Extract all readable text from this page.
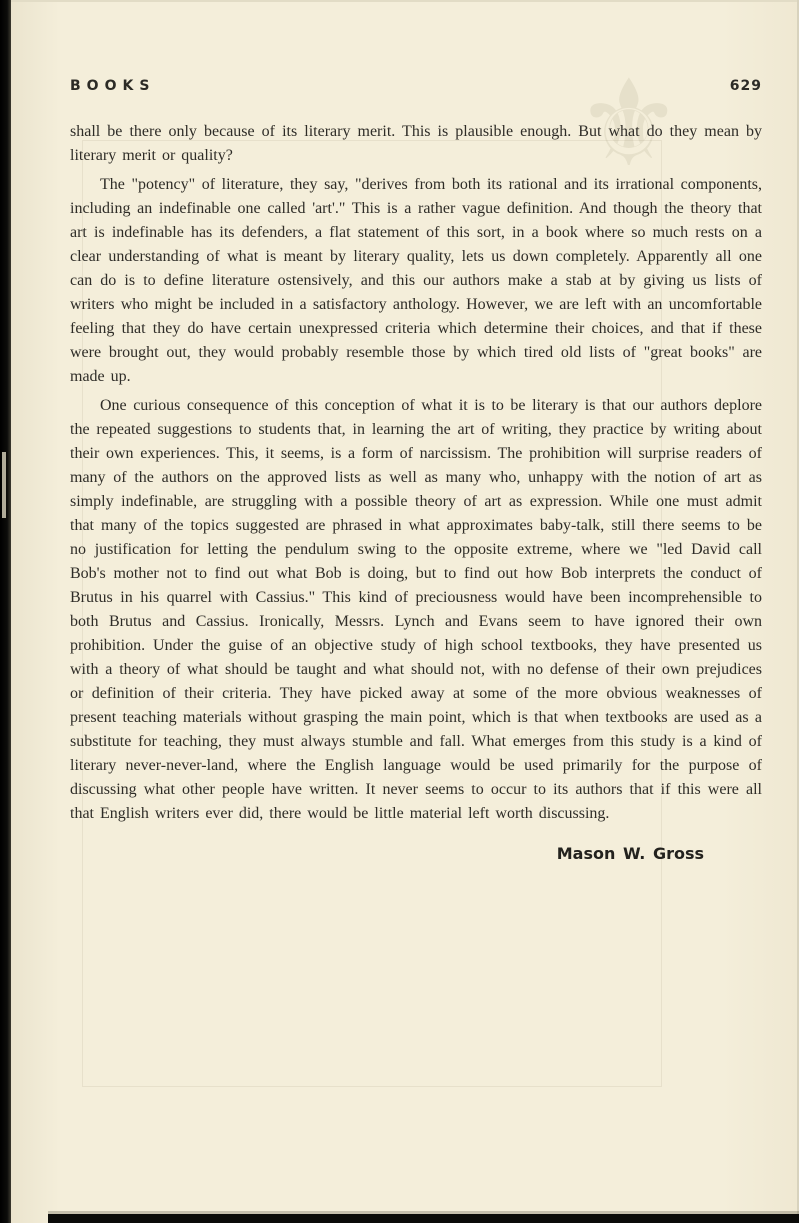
⚜
BOOKS	629

shall be there only because of its literary merit. This is plausible enough. But what do they mean by literary merit or quality?

The "potency" of literature, they say, "derives from both its rational and its irrational components, including an indefinable one called 'art'." This is a rather vague definition. And though the theory that art is indefinable has its defenders, a flat statement of this sort, in a book where so much rests on a clear understanding of what is meant by literary quality, lets us down completely. Apparently all one can do is to define literature ostensively, and this our authors make a stab at by giving us lists of writers who might be included in a satisfactory anthology. However, we are left with an uncomfortable feeling that they do have certain unexpressed criteria which determine their choices, and that if these were brought out, they would probably resemble those by which tired old lists of "great books" are made up.

One curious consequence of this conception of what it is to be literary is that our authors deplore the repeated suggestions to students that, in learning the art of writing, they practice by writing about their own experiences. This, it seems, is a form of narcissism. The prohibition will surprise readers of many of the authors on the approved lists as well as many who, unhappy with the notion of art as simply indefinable, are struggling with a possible theory of art as expression. While one must admit that many of the topics suggested are phrased in what approximates baby-talk, still there seems to be no justification for letting the pendulum swing to the opposite extreme, where we "led David call Bob's mother not to find out what Bob is doing, but to find out how Bob interprets the conduct of Brutus in his quarrel with Cassius." This kind of preciousness would have been incomprehensible to both Brutus and Cassius. Ironically, Messrs. Lynch and Evans seem to have ignored their own prohibition. Under the guise of an objective study of high school textbooks, they have presented us with a theory of what should be taught and what should not, with no defense of their own prejudices or definition of their criteria. They have picked away at some of the more obvious weaknesses of present teaching materials without grasping the main point, which is that when textbooks are used as a substitute for teaching, they must always stumble and fall. What emerges from this study is a kind of literary never-never-land, where the English language would be used primarily for the purpose of discussing what other people have written. It never seems to occur to its authors that if this were all that English writers ever did, there would be little material left worth discussing.

Mason W. Gross
